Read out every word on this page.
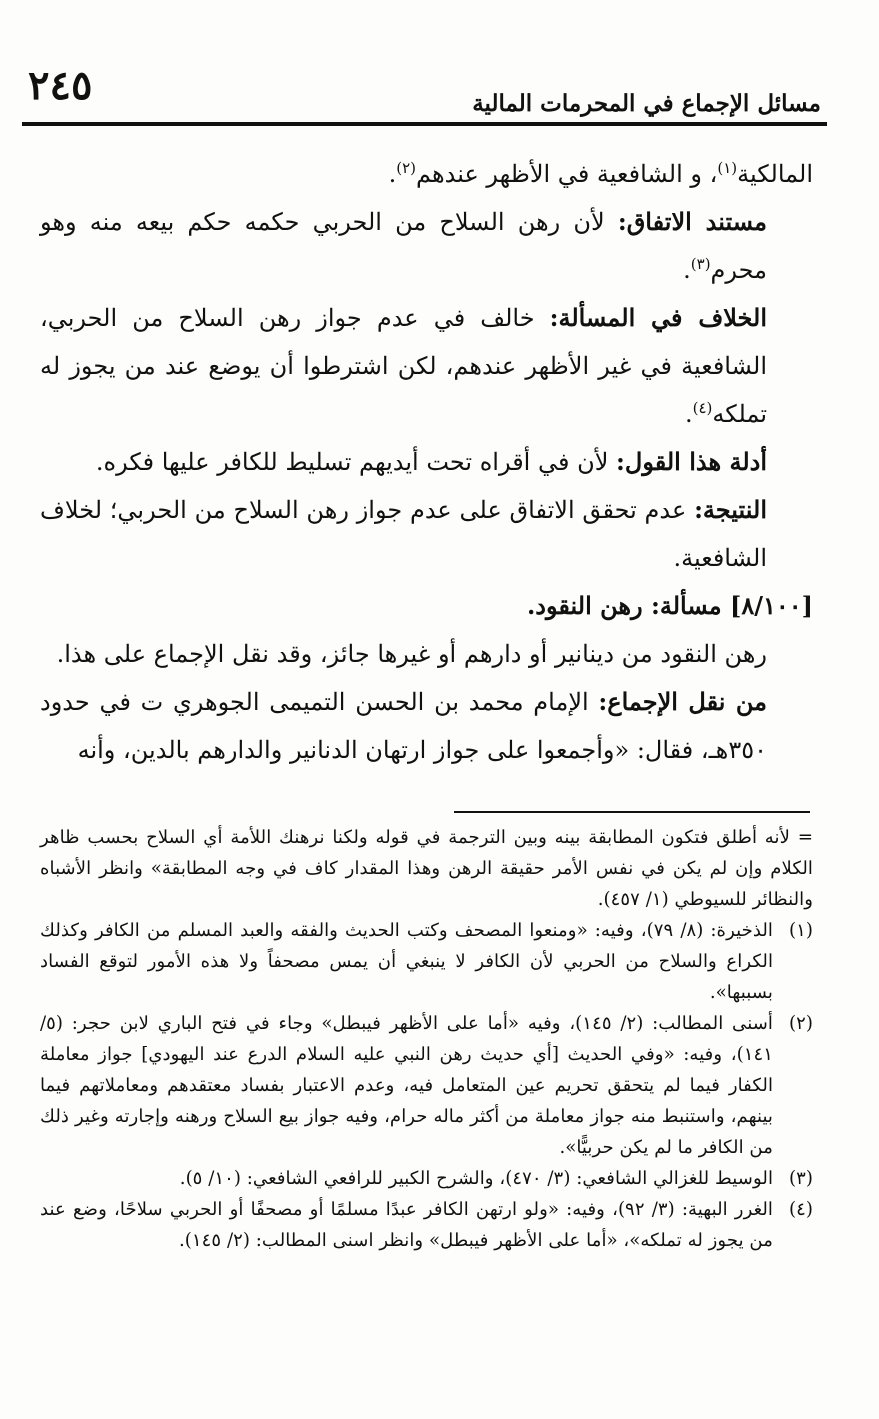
٢٤٥	مسائل الإجماع في المحرمات المالية

المالكية$^{(١)}$، و الشافعية في الأظهر عندهم$^{(٢)}$.

مستند الاتفاق: لأن رهن السلاح من الحربي حكمه حكم بيعه منه وهو محرم$^{(٣)}$.

الخلاف في المسألة: خالف في عدم جواز رهن السلاح من الحربي، الشافعية في غير الأظهر عندهم، لكن اشترطوا أن يوضع عند من يجوز له تملكه$^{(٤)}$.

أدلة هذا القول: لأن في أقراه تحت أيديهم تسليط للكافر عليها فكره.

النتيجة: عدم تحقق الاتفاق على عدم جواز رهن السلاح من الحربي؛ لخلاف الشافعية.

[٨/١٠٠] مسألة: رهن النقود.

رهن النقود من دينانير أو دارهم أو غيرها جائز، وقد نقل الإجماع على هذا.

من نقل الإجماع: الإمام محمد بن الحسن التميمى الجوهري ت في حدود ٣٥٠هـ، فقال: «وأجمعوا على جواز ارتهان الدنانير والدارهم بالدين، وأنه

= لأنه أطلق فتكون المطابقة بينه وبين الترجمة في قوله ولكنا نرهنك اللأمة أي السلاح بحسب ظاهر الكلام وإن لم يكن في نفس الأمر حقيقة الرهن وهذا المقدار كاف في وجه المطابقة» وانظر الأشباه والنظائر للسيوطي (١/ ٤٥٧).

(١)
الذخيرة: (٨/ ٧٩)، وفيه: «ومنعوا المصحف وكتب الحديث والفقه والعبد المسلم من الكافر وكذلك الكراع والسلاح من الحربي لأن الكافر لا ينبغي أن يمس مصحفاً ولا هذه الأمور لتوقع الفساد بسببها».

(٢)
أسنى المطالب: (٢/ ١٤٥)، وفيه «أما على الأظهر فيبطل» وجاء في فتح الباري لابن حجر: (٥/ ١٤١)، وفيه: «وفي الحديث [أي حديث رهن النبي عليه السلام الدرع عند اليهودي] جواز معاملة الكفار فيما لم يتحقق تحريم عين المتعامل فيه، وعدم الاعتبار بفساد معتقدهم ومعاملاتهم فيما بينهم، واستنبط منه جواز معاملة من أكثر ماله حرام، وفيه جواز بيع السلاح ورهنه وإجارته وغير ذلك من الكافر ما لم يكن حربيًّا».

(٣)
الوسيط للغزالي الشافعي: (٣/ ٤٧٠)، والشرح الكبير للرافعي الشافعي: (١٠/ ٥).

(٤)
الغرر البهية: (٣/ ٩٢)، وفيه: «ولو ارتهن الكافر عبدًا مسلمًا أو مصحفًا أو الحربي سلاحًا، وضع عند من يجوز له تملكه»، «أما على الأظهر فيبطل» وانظر اسنى المطالب: (٢/ ١٤٥).
